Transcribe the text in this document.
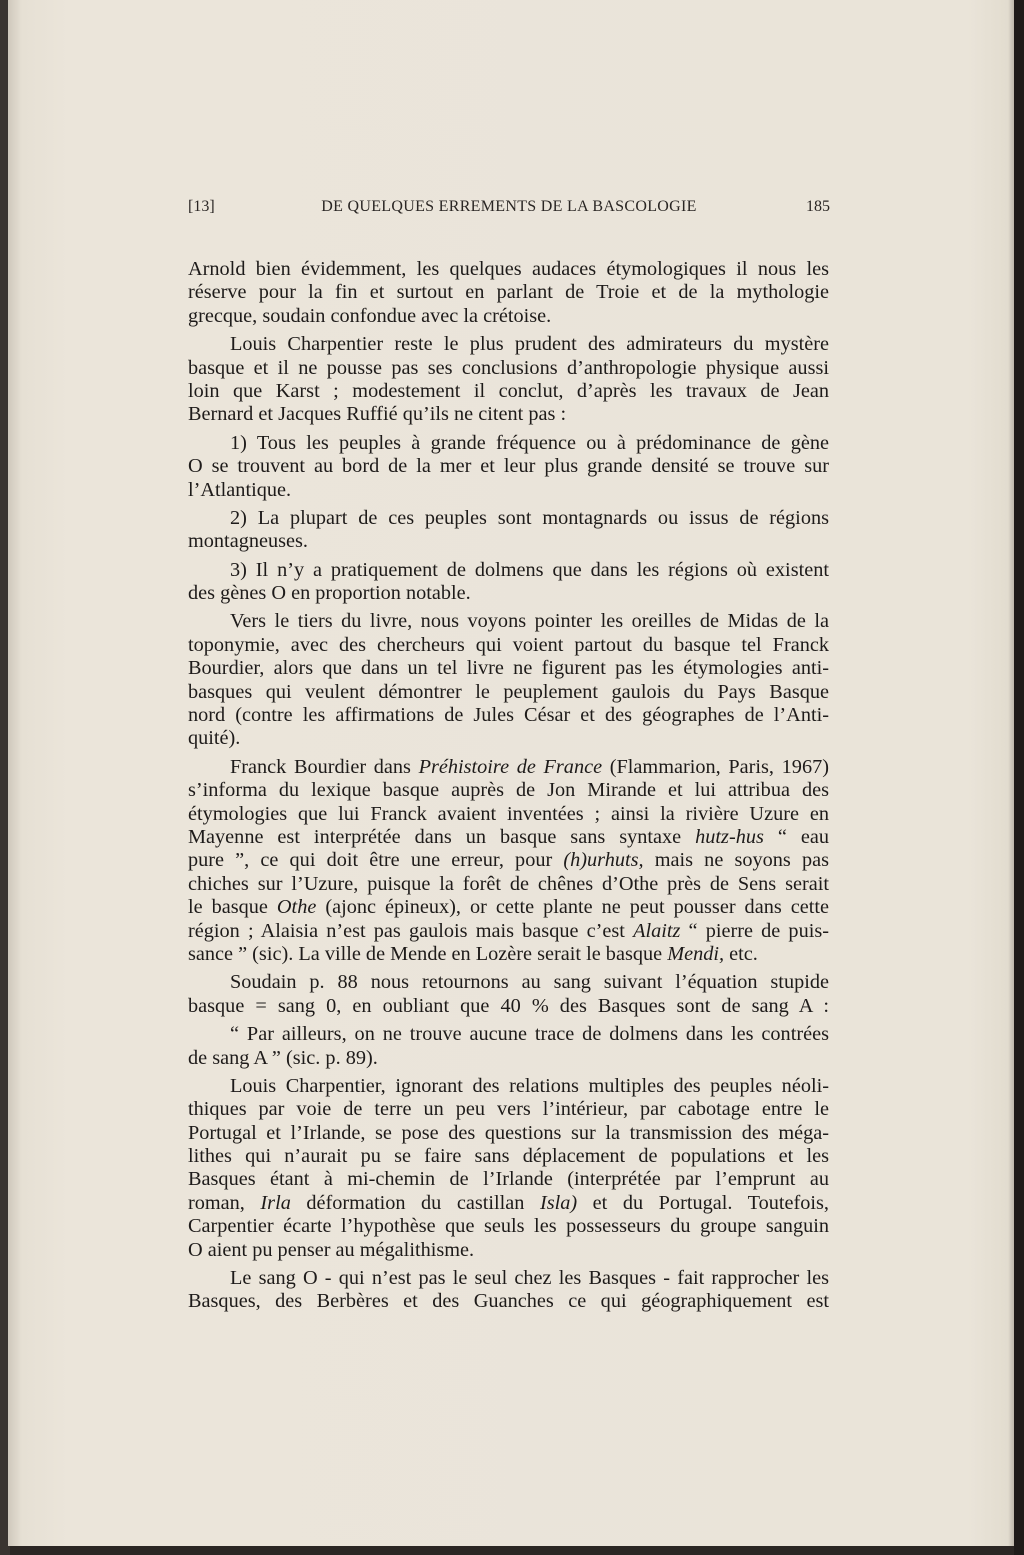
[13]	DE QUELQUES ERREMENTS DE LA BASCOLOGIE	185
Arnold bien évidemment, les quelques audaces étymologiques il nous les
réserve pour la fin et surtout en parlant de Troie et de la mythologie
grecque, soudain confondue avec la crétoise.
Louis Charpentier reste le plus prudent des admirateurs du mystère
basque et il ne pousse pas ses conclusions d’anthropologie physique aussi
loin que Karst ; modestement il conclut, d’après les travaux de Jean
Bernard et Jacques Ruffié qu’ils ne citent pas :
1) Tous les peuples à grande fréquence ou à prédominance de gène
O se trouvent au bord de la mer et leur plus grande densité se trouve sur
l’Atlantique.
2) La plupart de ces peuples sont montagnards ou issus de régions
montagneuses.
3) Il n’y a pratiquement de dolmens que dans les régions où existent
des gènes O en proportion notable.
Vers le tiers du livre, nous voyons pointer les oreilles de Midas de la
toponymie, avec des chercheurs qui voient partout du basque tel Franck
Bourdier, alors que dans un tel livre ne figurent pas les étymologies anti-
basques qui veulent démontrer le peuplement gaulois du Pays Basque
nord (contre les affirmations de Jules César et des géographes de l’Anti-
quité).
Franck Bourdier dans Préhistoire de France (Flammarion, Paris, 1967)
s’informa du lexique basque auprès de Jon Mirande et lui attribua des
étymologies que lui Franck avaient inventées ; ainsi la rivière Uzure en
Mayenne est interprétée dans un basque sans syntaxe hutz-hus “ eau
pure ”, ce qui doit être une erreur, pour (h)urhuts, mais ne soyons pas
chiches sur l’Uzure, puisque la forêt de chênes d’Othe près de Sens serait
le basque Othe (ajonc épineux), or cette plante ne peut pousser dans cette
région ; Alaisia n’est pas gaulois mais basque c’est Alaitz “ pierre de puis-
sance ” (sic). La ville de Mende en Lozère serait le basque Mendi, etc.
Soudain p. 88 nous retournons au sang suivant l’équation stupide
basque = sang 0, en oubliant que 40 % des Basques sont de sang A :
“ Par ailleurs, on ne trouve aucune trace de dolmens dans les contrées
de sang A ” (sic. p. 89).
Louis Charpentier, ignorant des relations multiples des peuples néoli-
thiques par voie de terre un peu vers l’intérieur, par cabotage entre le
Portugal et l’Irlande, se pose des questions sur la transmission des méga-
lithes qui n’aurait pu se faire sans déplacement de populations et les
Basques étant à mi-chemin de l’Irlande (interprétée par l’emprunt au
roman, Irla déformation du castillan Isla) et du Portugal. Toutefois,
Carpentier écarte l’hypothèse que seuls les possesseurs du groupe sanguin
O aient pu penser au mégalithisme.
Le sang O - qui n’est pas le seul chez les Basques - fait rapprocher les
Basques, des Berbères et des Guanches ce qui géographiquement est
